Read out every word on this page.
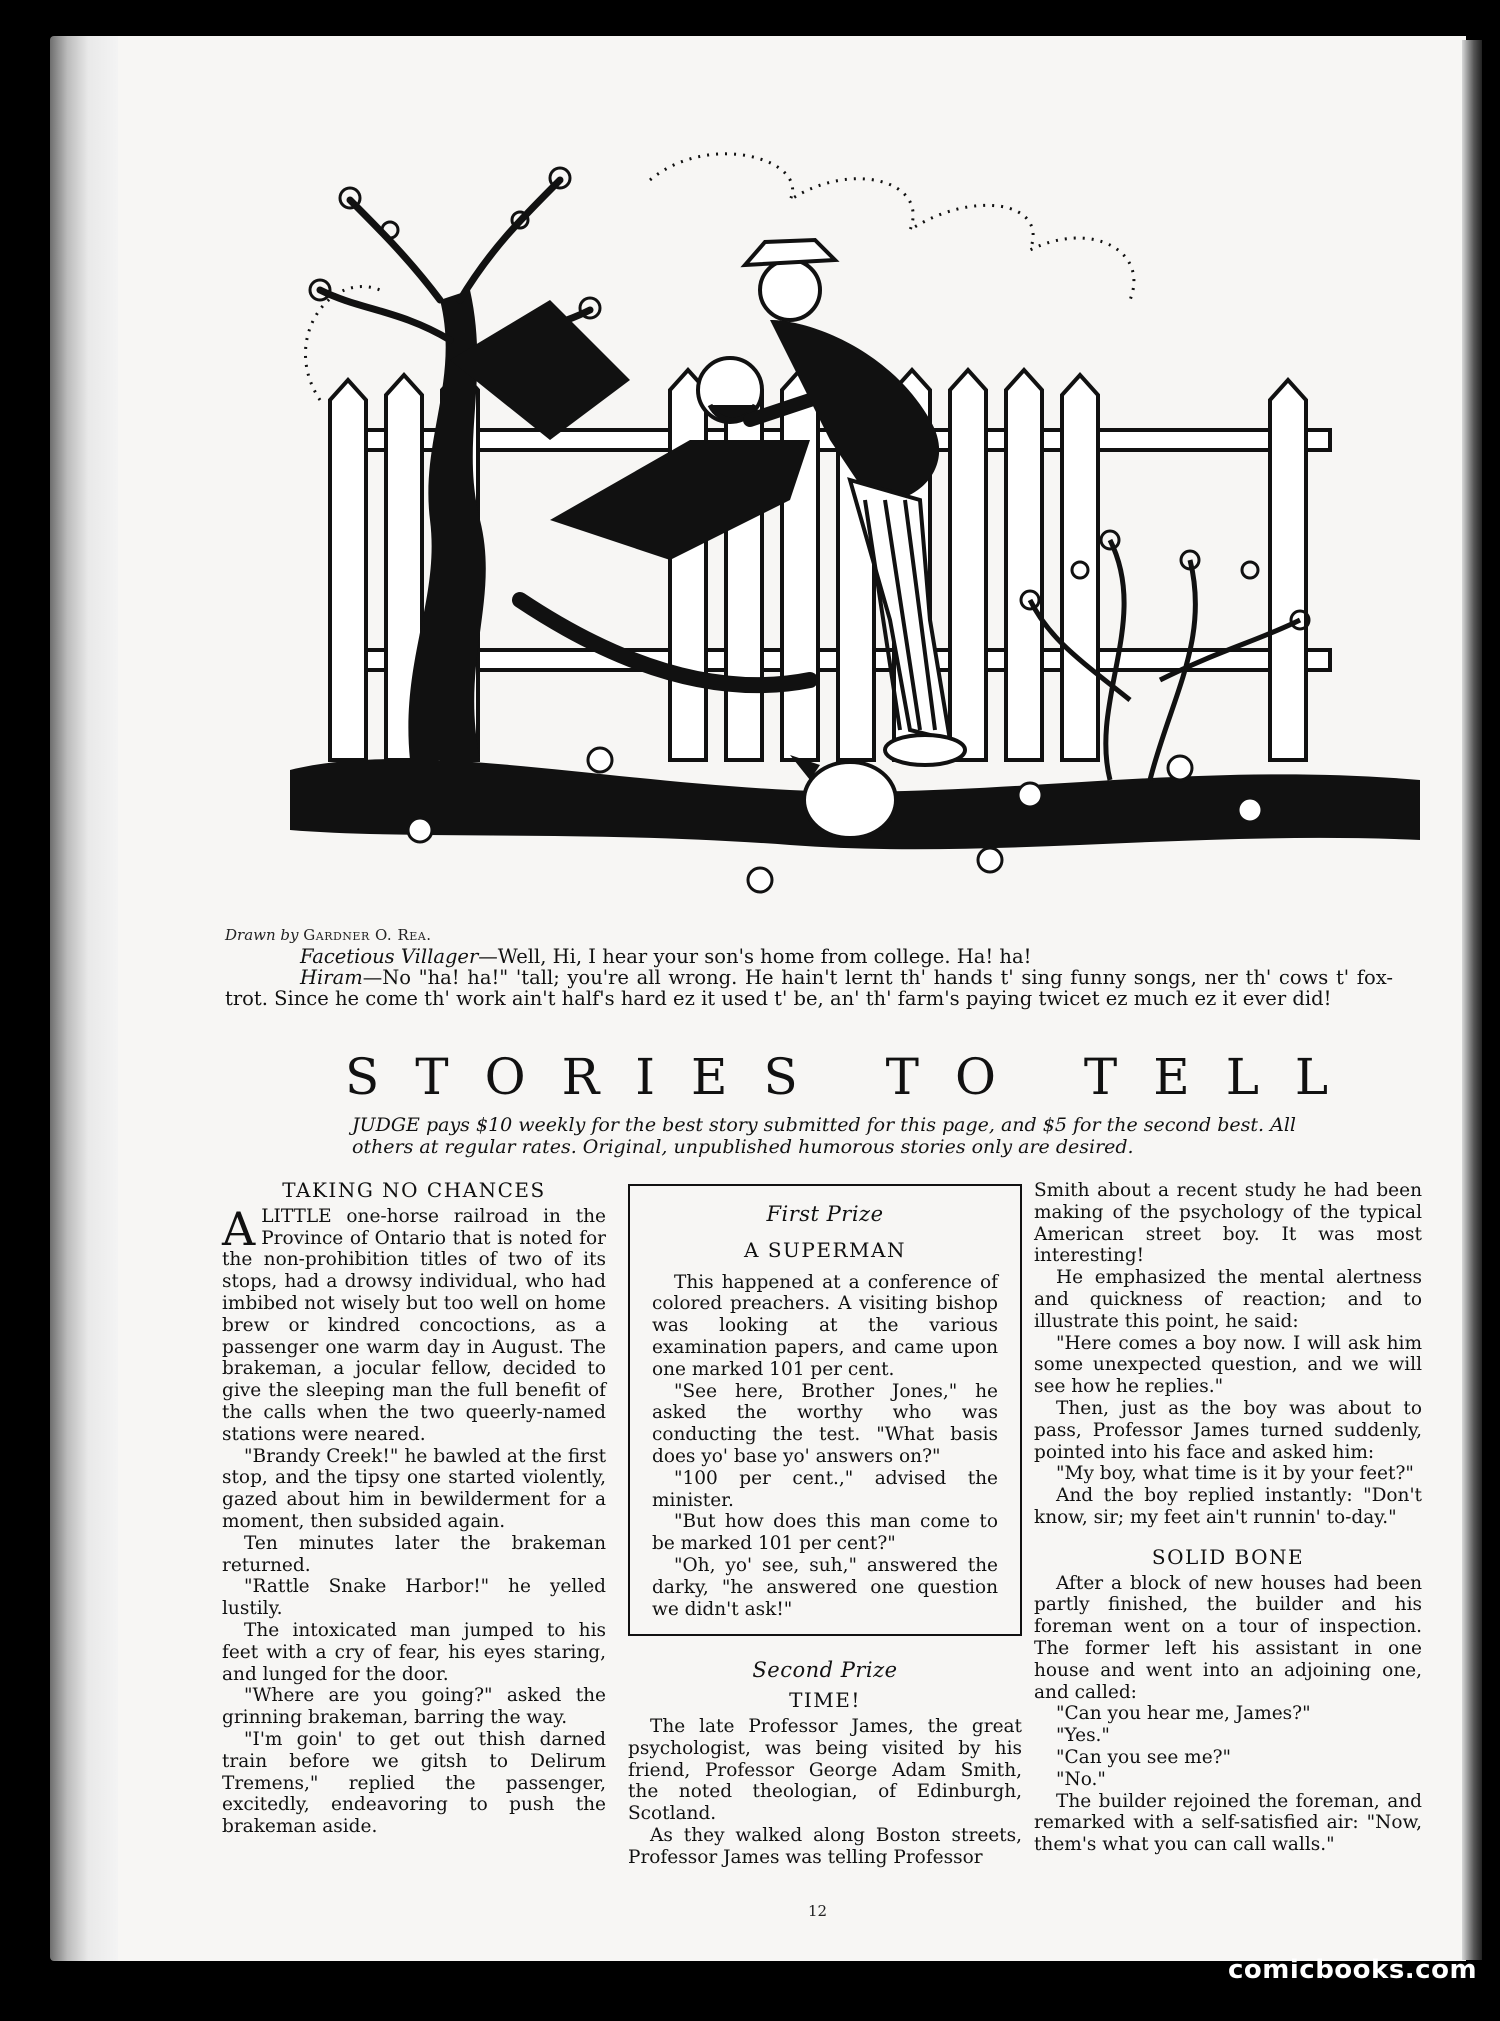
Drawn by Gardner O. Rea.

Facetious Villager—Well, Hi, I hear your son's home from college. Ha! ha!

Hiram—No "ha! ha!" 'tall; you're all wrong. He hain't lernt th' hands t' sing funny songs, ner th' cows t' fox-trot. Since he come th' work ain't half's hard ez it used t' be, an' th' farm's paying twicet ez much ez it ever did!

STORIES TO TELL
JUDGE pays $10 weekly for the best story submitted for this page, and $5 for the second best. All others at regular rates. Original, unpublished humorous stories only are desired.
TAKING NO CHANCES

ALITTLE one-horse railroad in the Province of Ontario that is noted for the non-prohibition titles of two of its stops, had a drowsy individual, who had imbibed not wisely but too well on home brew or kindred concoctions, as a passenger one warm day in August. The brakeman, a jocular fellow, decided to give the sleeping man the full benefit of the calls when the two queerly-named stations were neared.

"Brandy Creek!" he bawled at the first stop, and the tipsy one started violently, gazed about him in bewilderment for a moment, then subsided again.

Ten minutes later the brakeman returned.

"Rattle Snake Harbor!" he yelled lustily.

The intoxicated man jumped to his feet with a cry of fear, his eyes staring, and lunged for the door.

"Where are you going?" asked the grinning brakeman, barring the way.

"I'm goin' to get out thish darned train before we gitsh to Delirum Tremens," replied the passenger, excitedly, endeavoring to push the brakeman aside.

First Prize
A SUPERMAN

This happened at a conference of colored preachers. A visiting bishop was looking at the various examination papers, and came upon one marked 101 per cent.

"See here, Brother Jones," he asked the worthy who was conducting the test. "What basis does yo' base yo' answers on?"

"100 per cent.," advised the minister.

"But how does this man come to be marked 101 per cent?"

"Oh, yo' see, suh," answered the darky, "he answered one question we didn't ask!"

Second Prize
TIME!

The late Professor James, the great psychologist, was being visited by his friend, Professor George Adam Smith, the noted theologian, of Edinburgh, Scotland.

As they walked along Boston streets, Professor James was telling Professor

Smith about a recent study he had been making of the psychology of the typical American street boy. It was most interesting!

He emphasized the mental alertness and quickness of reaction; and to illustrate this point, he said:

"Here comes a boy now. I will ask him some unexpected question, and we will see how he replies."

Then, just as the boy was about to pass, Professor James turned suddenly, pointed into his face and asked him:

"My boy, what time is it by your feet?"

And the boy replied instantly: "Don't know, sir; my feet ain't runnin' to-day."

SOLID BONE

After a block of new houses had been partly finished, the builder and his foreman went on a tour of inspection. The former left his assistant in one house and went into an adjoining one, and called:

"Can you hear me, James?"

"Yes."

"Can you see me?"

"No."

The builder rejoined the foreman, and remarked with a self-satisfied air: "Now, them's what you can call walls."

12
comicbooks.com
